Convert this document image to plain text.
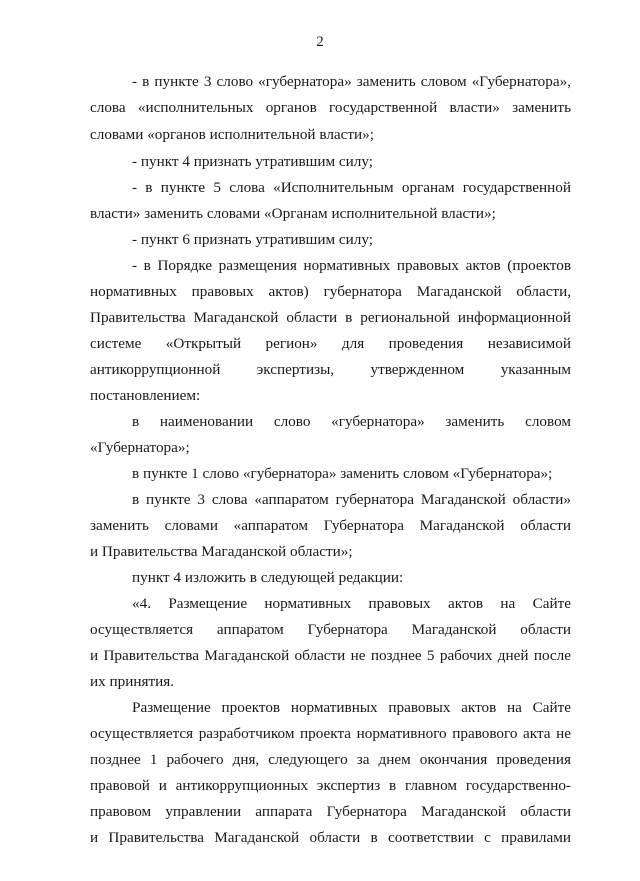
2
- в пункте 3 слово «губернатора» заменить словом «Губернатора»,
слова «исполнительных органов государственной власти» заменить
словами «органов исполнительной власти»;
- пункт 4 признать утратившим силу;
- в пункте 5 слова «Исполнительным органам государственной
власти» заменить словами «Органам исполнительной власти»;
- пункт 6 признать утратившим силу;
- в Порядке размещения нормативных правовых актов (проектов
нормативных правовых актов) губернатора Магаданской области,
Правительства Магаданской области в региональной информационной
системе «Открытый регион» для проведения независимой
антикоррупционной экспертизы, утвержденном указанным
постановлением:
в наименовании слово «губернатора» заменить словом
«Губернатора»;
в пункте 1 слово «губернатора» заменить словом «Губернатора»;
в пункте 3 слова «аппаратом губернатора Магаданской области»
заменить словами «аппаратом Губернатора Магаданской области
и Правительства Магаданской области»;
пункт 4 изложить в следующей редакции:
«4. Размещение нормативных правовых актов на Сайте
осуществляется аппаратом Губернатора Магаданской области
и Правительства Магаданской области не позднее 5 рабочих дней после
их принятия.
Размещение проектов нормативных правовых актов на Сайте
осуществляется разработчиком проекта нормативного правового акта не
позднее 1 рабочего дня, следующего за днем окончания проведения
правовой и антикоррупционных экспертиз в главном государственно-
правовом управлении аппарата Губернатора Магаданской области
и Правительства Магаданской области в соответствии с правилами
